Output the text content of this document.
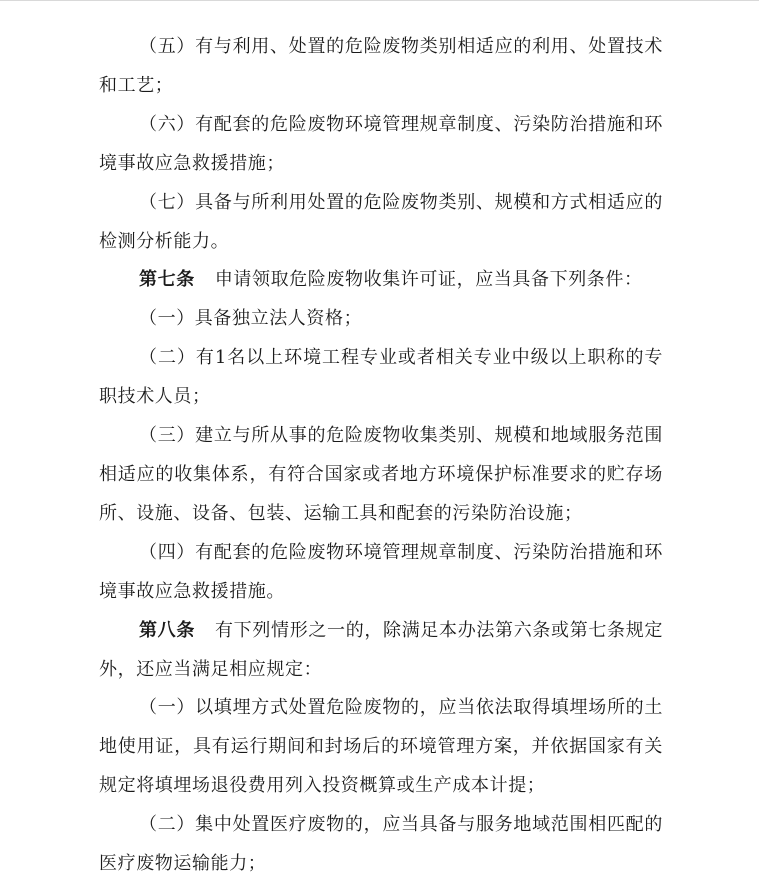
（五）有与利用、处置的危险废物类别相适应的利用、处置技术和工艺；

（六）有配套的危险废物环境管理规章制度、污染防治措施和环境事故应急救援措施；

（七）具备与所利用处置的危险废物类别、规模和方式相适应的检测分析能力。

第七条 申请领取危险废物收集许可证，应当具备下列条件：

（一）具备独立法人资格；

（二）有1名以上环境工程专业或者相关专业中级以上职称的专职技术人员；

（三）建立与所从事的危险废物收集类别、规模和地域服务范围相适应的收集体系，有符合国家或者地方环境保护标准要求的贮存场所、设施、设备、包装、运输工具和配套的污染防治设施；

（四）有配套的危险废物环境管理规章制度、污染防治措施和环境事故应急救援措施。

第八条 有下列情形之一的，除满足本办法第六条或第七条规定外，还应当满足相应规定：

（一）以填埋方式处置危险废物的，应当依法取得填埋场所的土地使用证，具有运行期间和封场后的环境管理方案，并依据国家有关规定将填埋场退役费用列入投资概算或生产成本计提；

（二）集中处置医疗废物的，应当具备与服务地域范围相匹配的医疗废物运输能力；
